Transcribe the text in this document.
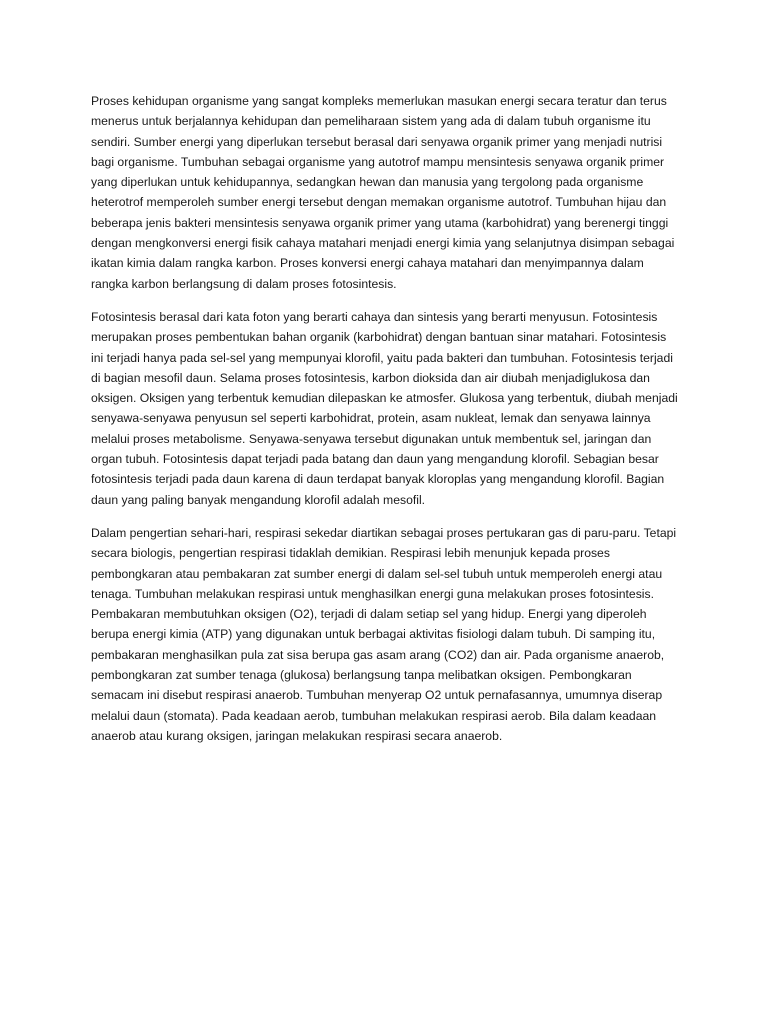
Proses kehidupan organisme yang sangat kompleks memerlukan masukan energi secara teratur dan terus menerus untuk berjalannya kehidupan dan pemeliharaan sistem yang ada di dalam tubuh organisme itu sendiri. Sumber energi yang diperlukan tersebut berasal dari senyawa organik primer yang menjadi nutrisi bagi organisme. Tumbuhan sebagai organisme yang autotrof mampu mensintesis senyawa organik primer yang diperlukan untuk kehidupannya, sedangkan hewan dan manusia yang tergolong pada organisme heterotrof memperoleh sumber energi tersebut dengan memakan organisme autotrof. Tumbuhan hijau dan beberapa jenis bakteri mensintesis senyawa organik primer yang utama (karbohidrat) yang berenergi tinggi dengan mengkonversi energi fisik cahaya matahari menjadi energi kimia yang selanjutnya disimpan sebagai ikatan kimia dalam rangka karbon. Proses konversi energi cahaya matahari dan menyimpannya dalam rangka karbon berlangsung di dalam proses fotosintesis.

Fotosintesis berasal dari kata foton yang berarti cahaya dan sintesis yang berarti menyusun. Fotosintesis merupakan proses pembentukan bahan organik (karbohidrat) dengan bantuan sinar matahari. Fotosintesis ini terjadi hanya pada sel-sel yang mempunyai klorofil, yaitu pada bakteri dan tumbuhan. Fotosintesis terjadi di bagian mesofil daun. Selama proses fotosintesis, karbon dioksida dan air diubah menjadiglukosa dan oksigen. Oksigen yang terbentuk kemudian dilepaskan ke atmosfer. Glukosa yang terbentuk, diubah menjadi senyawa-senyawa penyusun sel seperti karbohidrat, protein, asam nukleat, lemak dan senyawa lainnya melalui proses metabolisme. Senyawa-senyawa tersebut digunakan untuk membentuk sel, jaringan dan organ tubuh. Fotosintesis dapat terjadi pada batang dan daun yang mengandung klorofil. Sebagian besar fotosintesis terjadi pada daun karena di daun terdapat banyak kloroplas yang mengandung klorofil. Bagian daun yang paling banyak mengandung klorofil adalah mesofil.

Dalam pengertian sehari-hari, respirasi sekedar diartikan sebagai proses pertukaran gas di paru-paru. Tetapi secara biologis, pengertian respirasi tidaklah demikian. Respirasi lebih menunjuk kepada proses pembongkaran atau pembakaran zat sumber energi di dalam sel-sel tubuh untuk memperoleh energi atau tenaga. Tumbuhan melakukan respirasi untuk menghasilkan energi guna melakukan proses fotosintesis. Pembakaran membutuhkan oksigen (O2), terjadi di dalam setiap sel yang hidup. Energi yang diperoleh berupa energi kimia (ATP) yang digunakan untuk berbagai aktivitas fisiologi dalam tubuh. Di samping itu, pembakaran menghasilkan pula zat sisa berupa gas asam arang (CO2) dan air. Pada organisme anaerob, pembongkaran zat sumber tenaga (glukosa) berlangsung tanpa melibatkan oksigen. Pembongkaran semacam ini disebut respirasi anaerob. Tumbuhan menyerap O2 untuk pernafasannya, umumnya diserap melalui daun (stomata). Pada keadaan aerob, tumbuhan melakukan respirasi aerob. Bila dalam keadaan anaerob atau kurang oksigen, jaringan melakukan respirasi secara anaerob.
